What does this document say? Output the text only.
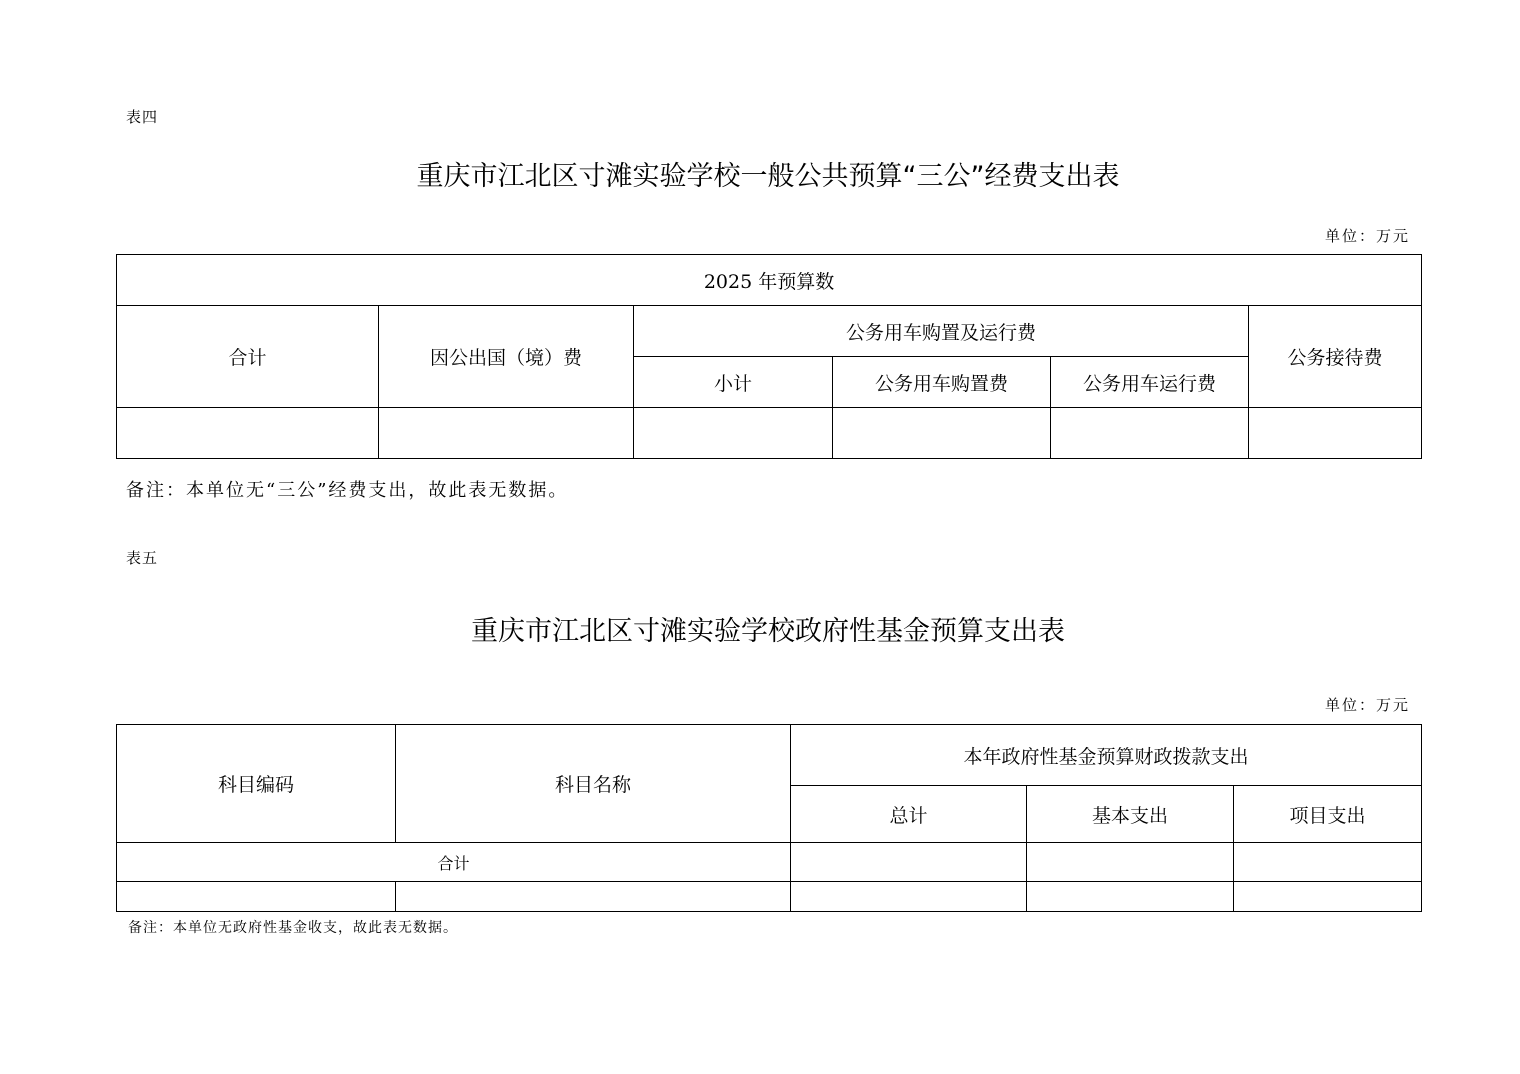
表四
重庆市江北区寸滩实验学校一般公共预算“三公”经费支出表
单位：万元
2025 年预算数					
合计	因公出国（境）费	公务用车购置及运行费			公务接待费
		小计	公务用车购置费	公务用车运行费	

备注：本单位无“三公”经费支出，故此表无数据。
表五
重庆市江北区寸滩实验学校政府性基金预算支出表
单位：万元
科目编码	科目名称	本年政府性基金预算财政拨款支出		
		总计	基本支出	项目支出
合计				

备注：本单位无政府性基金收支，故此表无数据。
